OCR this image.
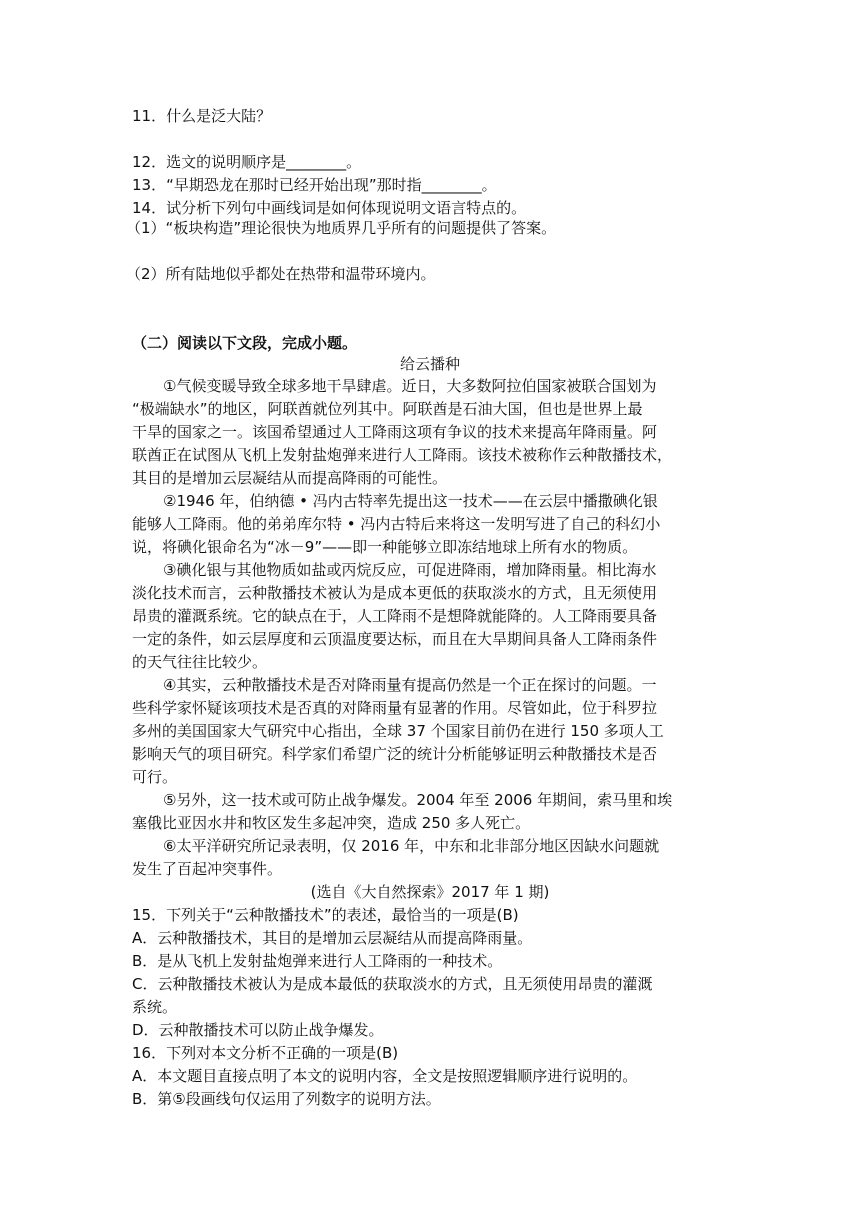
11．什么是泛大陆？
12．选文的说明顺序是________。
13．“早期恐龙在那时已经开始出现”那时指________。
14．试分析下列句中画线词是如何体现说明文语言特点的。
（1）“板块构造”理论很快为地质界几乎所有的问题提供了答案。
（2）所有陆地似乎都处在热带和温带环境内。
（二）阅读以下文段，完成小题。
给云播种
①气候变暖导致全球多地干旱肆虐。近日，大多数阿拉伯国家被联合国划为
“极端缺水”的地区，阿联酋就位列其中。阿联酋是石油大国，但也是世界上最
干旱的国家之一。该国希望通过人工降雨这项有争议的技术来提高年降雨量。阿
联酋正在试图从飞机上发射盐炮弹来进行人工降雨。该技术被称作云种散播技术，
其目的是增加云层凝结从而提高降雨的可能性。
②1946 年，伯纳德 • 冯内古特率先提出这一技术——在云层中播撒碘化银
能够人工降雨。他的弟弟库尔特 • 冯内古特后来将这一发明写进了自己的科幻小
说，将碘化银命名为“冰－9”——即一种能够立即冻结地球上所有水的物质。
③碘化银与其他物质如盐或丙烷反应，可促进降雨，增加降雨量。相比海水
淡化技术而言，云种散播技术被认为是成本更低的获取淡水的方式，且无须使用
昂贵的灌溉系统。它的缺点在于，人工降雨不是想降就能降的。人工降雨要具备
一定的条件，如云层厚度和云顶温度要达标，而且在大旱期间具备人工降雨条件
的天气往往比较少。
④其实，云种散播技术是否对降雨量有提高仍然是一个正在探讨的问题。一
些科学家怀疑该项技术是否真的对降雨量有显著的作用。尽管如此，位于科罗拉
多州的美国国家大气研究中心指出，全球 37 个国家目前仍在进行 150 多项人工
影响天气的项目研究。科学家们希望广泛的统计分析能够证明云种散播技术是否
可行。
⑤另外，这一技术或可防止战争爆发。2004 年至 2006 年期间，索马里和埃
塞俄比亚因水井和牧区发生多起冲突，造成 250 多人死亡。
⑥太平洋研究所记录表明，仅 2016 年，中东和北非部分地区因缺水问题就
发生了百起冲突事件。
(选自《大自然探索》2017 年 1 期)
15．下列关于“云种散播技术”的表述，最恰当的一项是(B)
A．云种散播技术，其目的是增加云层凝结从而提高降雨量。
B．是从飞机上发射盐炮弹来进行人工降雨的一种技术。
C．云种散播技术被认为是成本最低的获取淡水的方式，且无须使用昂贵的灌溉
系统。
D．云种散播技术可以防止战争爆发。
16．下列对本文分析不正确的一项是(B)
A．本文题目直接点明了本文的说明内容，全文是按照逻辑顺序进行说明的。
B．第⑤段画线句仅运用了列数字的说明方法。
